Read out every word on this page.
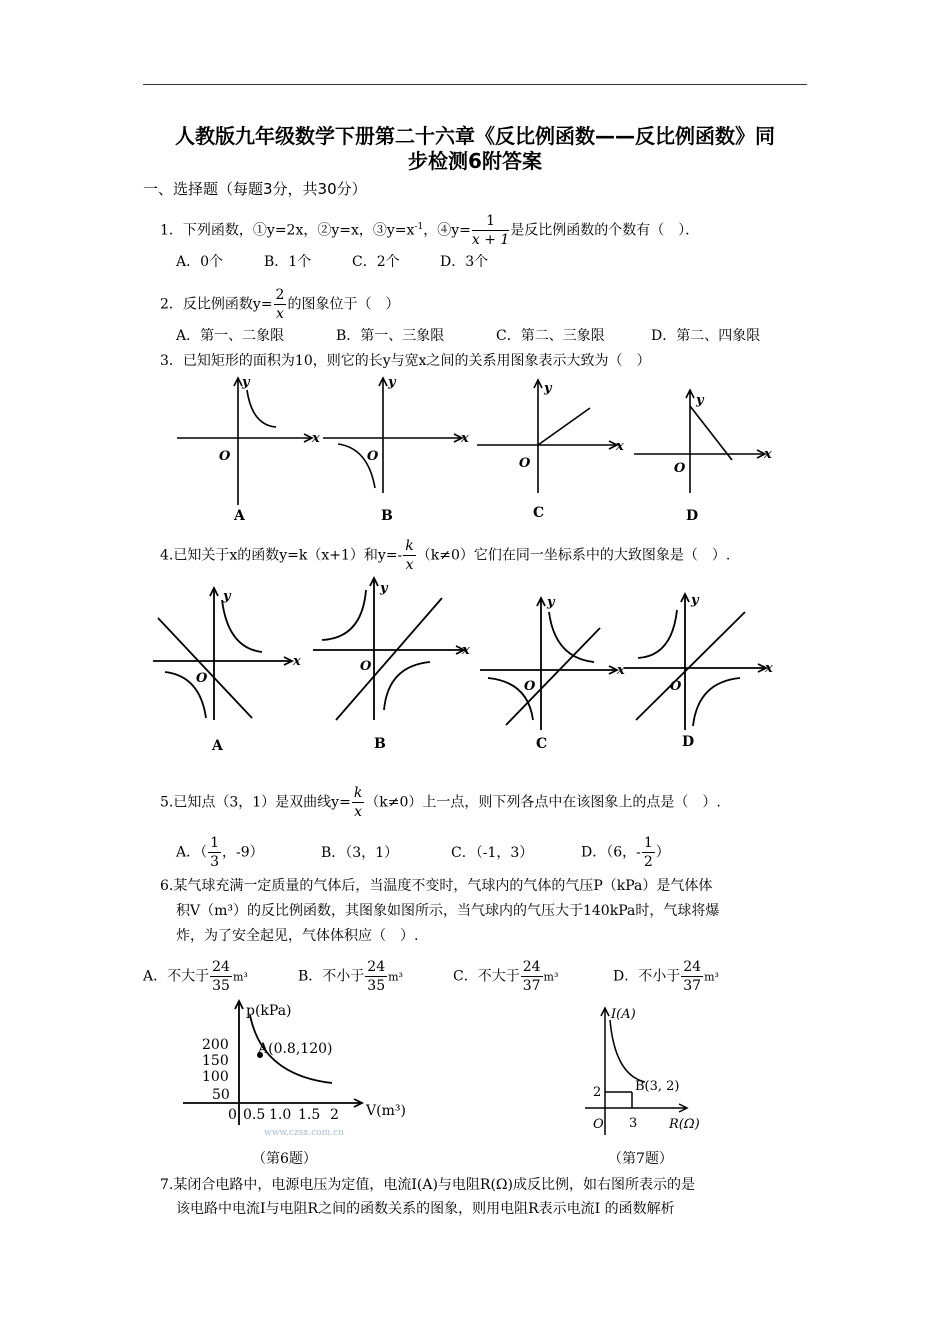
人教版九年级数学下册第二十六章《反比例函数——反比例函数》同
步检测6附答案
一、选择题（每题3分，共30分）
1．下列函数，①y=2x，②y=x，$③y=x^{-1}$，④y= $\frac{1}{x + 1}$ 是反比例函数的个数有（　）．
A．0个	B．1个	C．2个	D．3个
2．反比例函数$y= \frac{2}{x}$ 的图象位于（　）
A．第一、二象限	B．第一、三象限	C．第二、三象限	D．第二、四象限
3．已知矩形的面积为10，则它的长y与宽x之间的关系用图象表示大致为（　）
y
x
O
y
x
O
y
x
O
y
x
O
A	B	C	D
4.已知关于x的函数y=k（x+1）和$y=- \frac{k}{x} (k\ne 0)$它们在同一坐标系中的大致图象是（　）.
y
x
O
y
x
O
y
x
O
y
x
O
A	B	C	D
5.已知点（3，1）是双曲线$y= \frac{k}{x} (k\ne 0)$上一点，则下列各点中在该图象上的点是（　）.
A．（ $\frac{1}{3}$ ，-9）	B．（3，1）	C．（-1，3）	D．（6，- $\frac{1}{2}$ ）
6.某气球充满一定质量的气体后，当温度不变时，气球内的气体的气压P（kPa）是气体体
积V（m³）的反比例函数，其图象如图所示，当气球内的气压大于140kPa时，气球将爆
炸，为了安全起见，气体体积应（　）.
A．不大于 $\frac{24}{35} m^3$	B．不小于 $\frac{24}{35} m^3$	C．不大于 $\frac{24}{37} m^3$	D．不小于 $\frac{24}{37} m^3$
p(kPa)
200
150
100
50
0 0.5 1.0 1.5 2 V(m³)
A(0.8,120)
www.czsx.com.cn
（第6题）
I(A)
2
O 3 R(Ω)
B(3, 2)
（第7题）
7.某闭合电路中，电源电压为定值，电流I(A)与电阻R(Ω)成反比例，如右图所表示的是
该电路中电流I与电阻R之间的函数关系的图象，则用电阻R表示电流I 的函数解析
